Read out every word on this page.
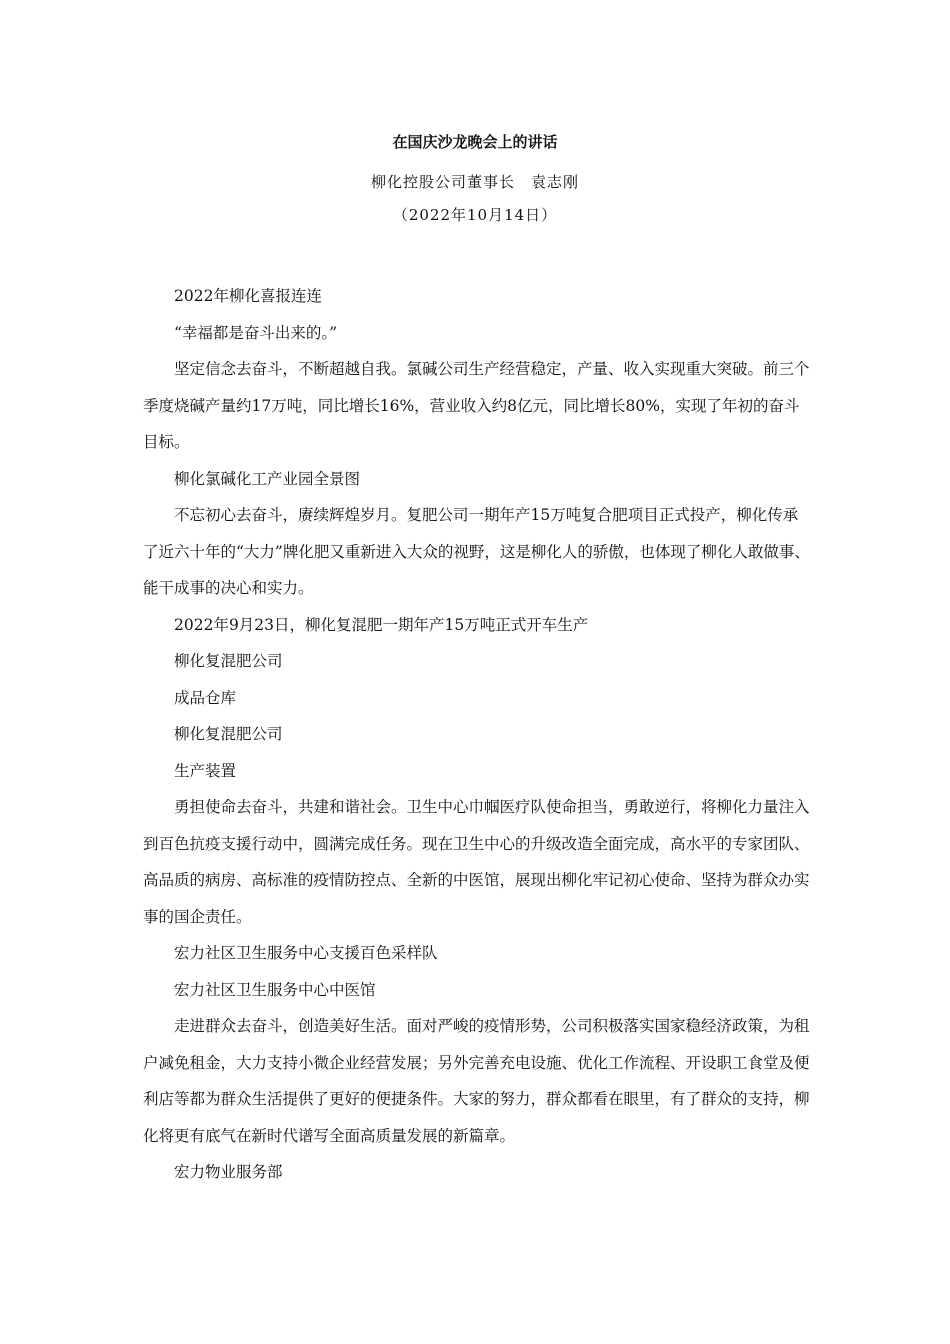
在国庆沙龙晚会上的讲话
柳化控股公司董事长　袁志刚
（2022年10月14日）

2022年柳化喜报连连

“幸福都是奋斗出来的。”

坚定信念去奋斗，不断超越自我。氯碱公司生产经营稳定，产量、收入实现重大突破。前三个季度烧碱产量约17万吨，同比增长16%，营业收入约8亿元，同比增长80%，实现了年初的奋斗目标。

柳化氯碱化工产业园全景图

不忘初心去奋斗，赓续辉煌岁月。复肥公司一期年产15万吨复合肥项目正式投产，柳化传承了近六十年的“大力”牌化肥又重新进入大众的视野，这是柳化人的骄傲，也体现了柳化人敢做事、能干成事的决心和实力。

2022年9月23日，柳化复混肥一期年产15万吨正式开车生产

柳化复混肥公司

成品仓库

柳化复混肥公司

生产装置

勇担使命去奋斗，共建和谐社会。卫生中心巾帼医疗队使命担当，勇敢逆行，将柳化力量注入到百色抗疫支援行动中，圆满完成任务。现在卫生中心的升级改造全面完成，高水平的专家团队、高品质的病房、高标准的疫情防控点、全新的中医馆，展现出柳化牢记初心使命、坚持为群众办实事的国企责任。

宏力社区卫生服务中心支援百色采样队

宏力社区卫生服务中心中医馆

走进群众去奋斗，创造美好生活。面对严峻的疫情形势，公司积极落实国家稳经济政策，为租户减免租金，大力支持小微企业经营发展；另外完善充电设施、优化工作流程、开设职工食堂及便利店等都为群众生活提供了更好的便捷条件。大家的努力，群众都看在眼里，有了群众的支持，柳化将更有底气在新时代谱写全面高质量发展的新篇章。

宏力物业服务部
